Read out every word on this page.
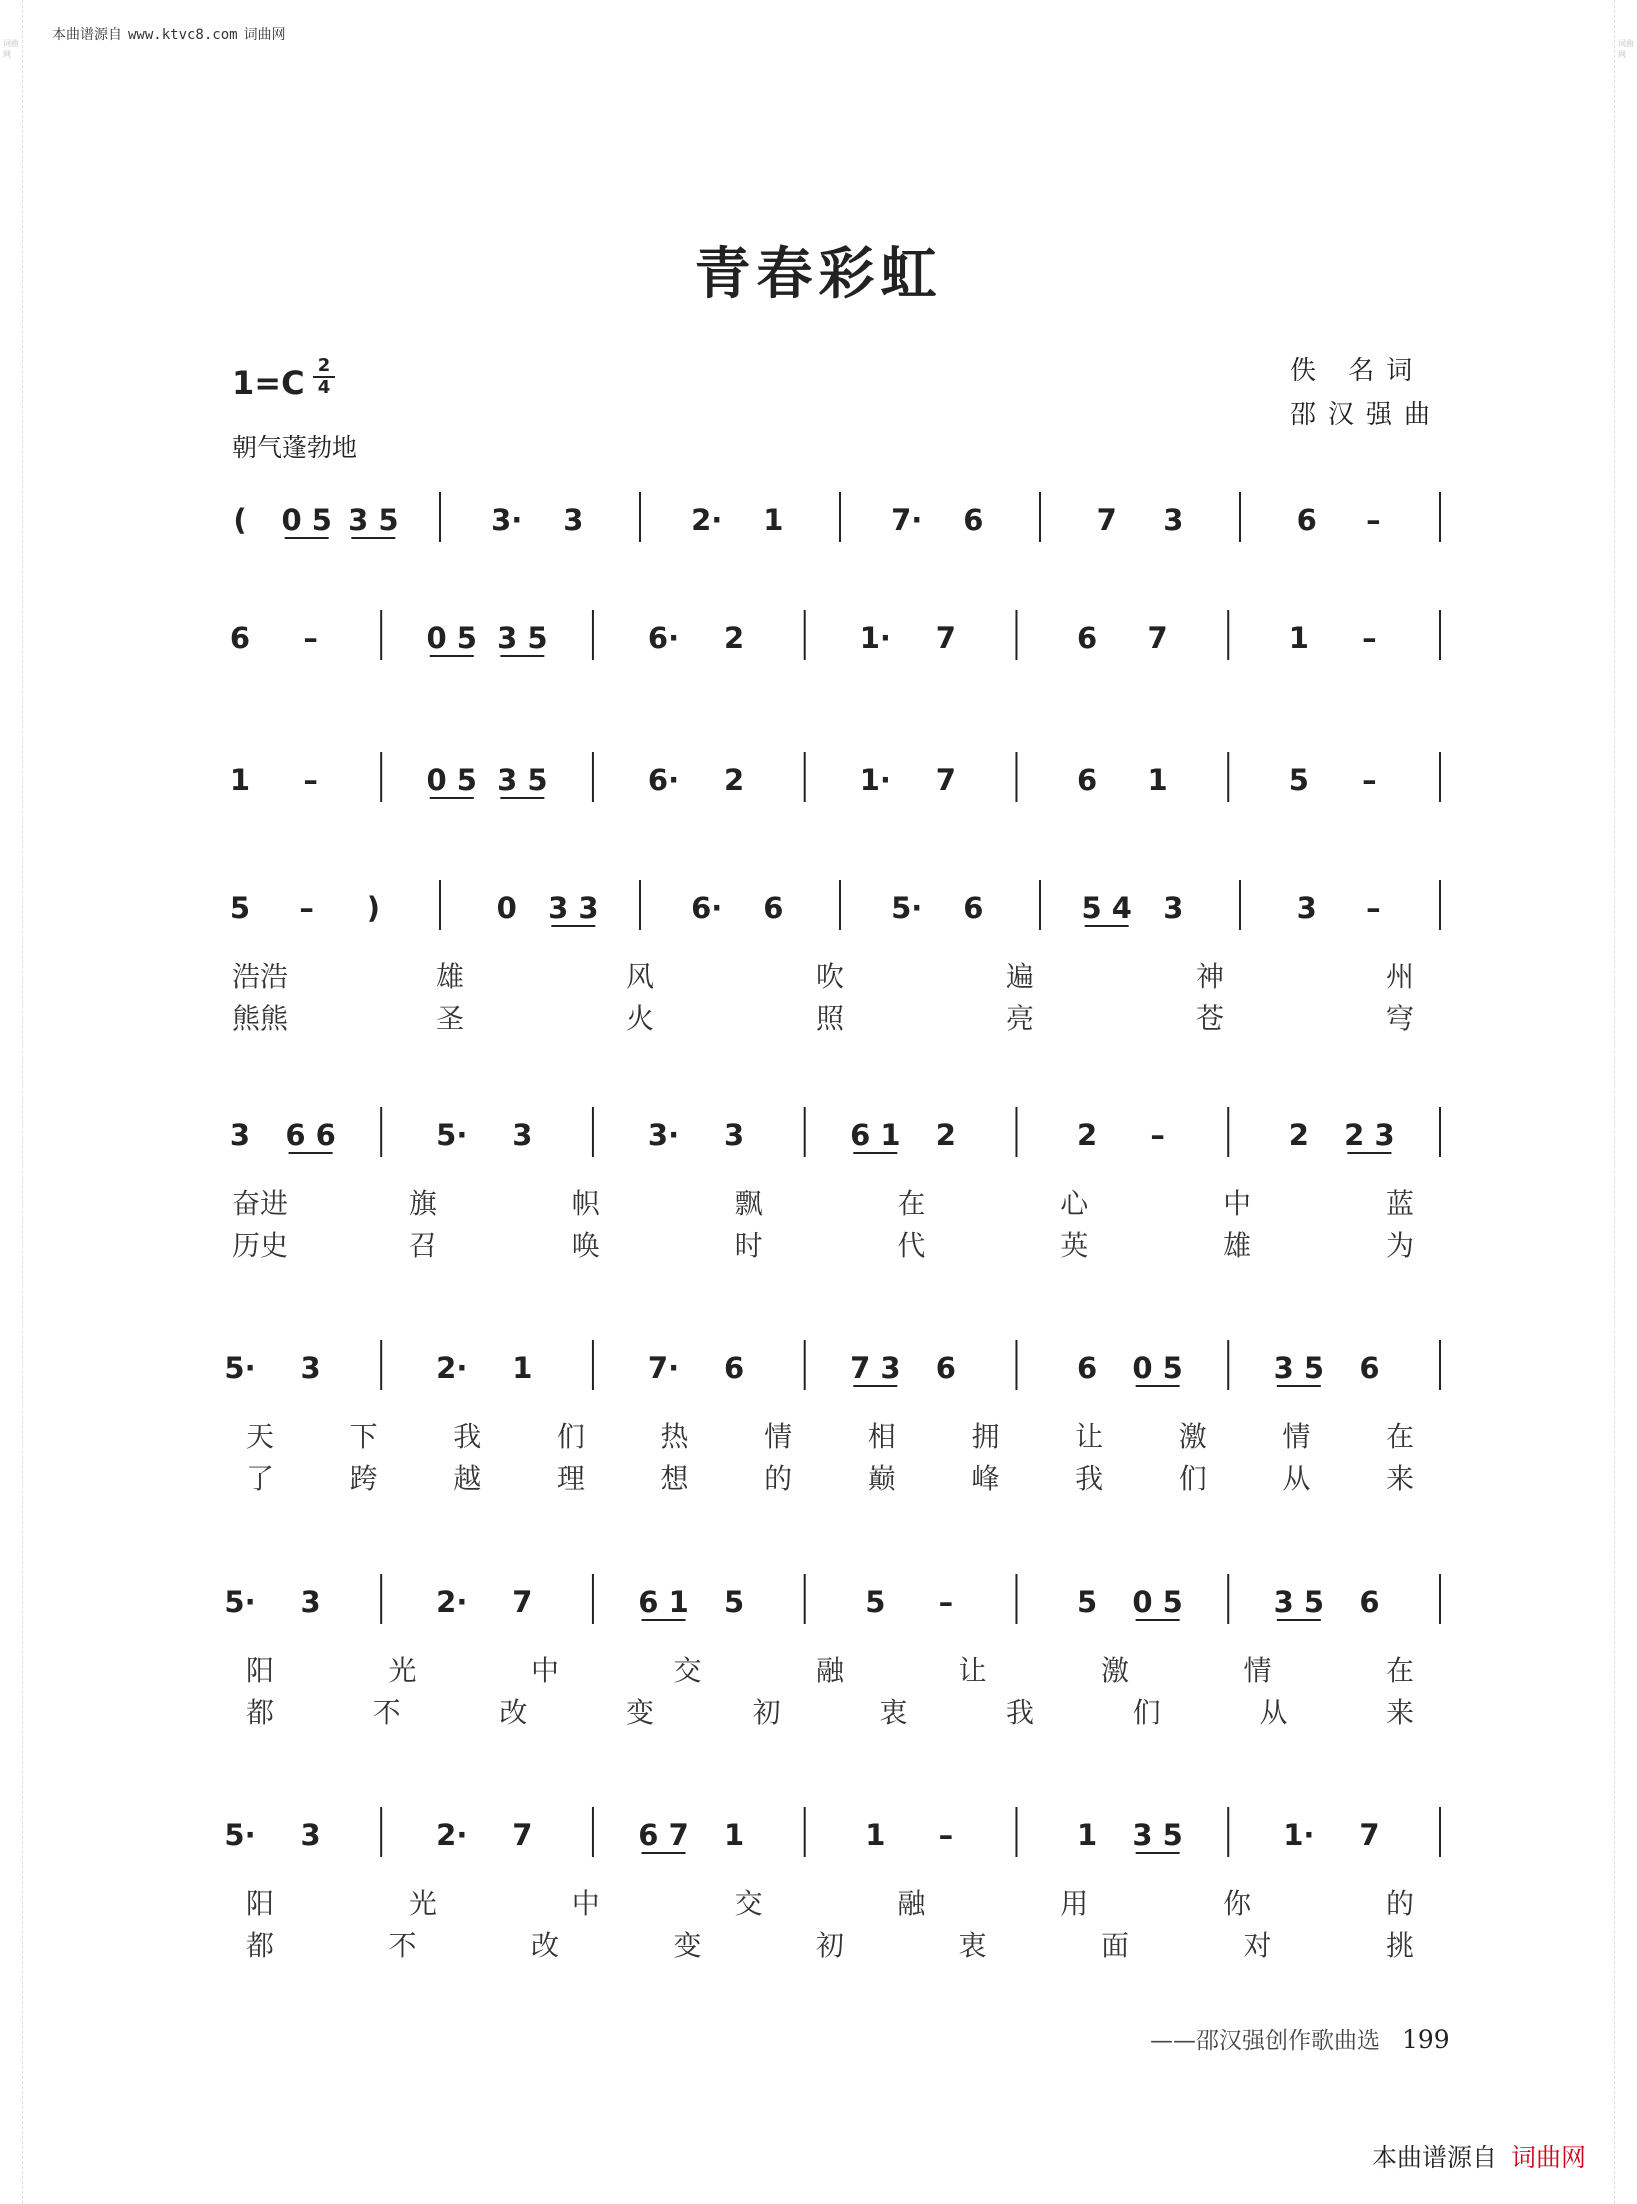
词曲网
词曲网
本曲谱源自 www.ktvc8.com 词曲网
青春彩虹
1=C 2
4
朝气蓬勃地
佚 名词
邵汉强曲
( 0 5 3 5	3· 3	2· 1	7· 6	7 3	6 –
6 –	0 5 3 5	6· 2	1· 7	6 7	1 –
1 –	0 5 3 5	6· 2	1· 7	6 1	5 –
5 – )	0 3 3	6· 6	5· 6	5 4 3	3 –
浩浩	雄	风	吹	遍	神	州
熊熊	圣	火	照	亮	苍	穹
3 6 6	5· 3	3· 3	6 1 2	2 –	2 2 3
奋进	旗	帜	飘	在	心	中	蓝
历史	召	唤	时	代	英	雄	为
5· 3	2· 1	7· 6	7 3 6	6 0 5	3 5 6
天	下	我	们	热	情	相	拥	让	激	情	在
了	跨	越	理	想	的	巅	峰	我	们	从	来
5· 3	2· 7	6 1 5	5 –	5 0 5	3 5 6
阳	光	中	交	融	让	激	情	在
都	不	改	变	初	衷	我	们	从	来
5· 3	2· 7	6 7 1	1 –	1 3 5	1· 7
阳	光	中	交	融	用	你	的
都	不	改	变	初	衷	面	对	挑
——邵汉强创作歌曲选 199
本曲谱源自 词曲网
